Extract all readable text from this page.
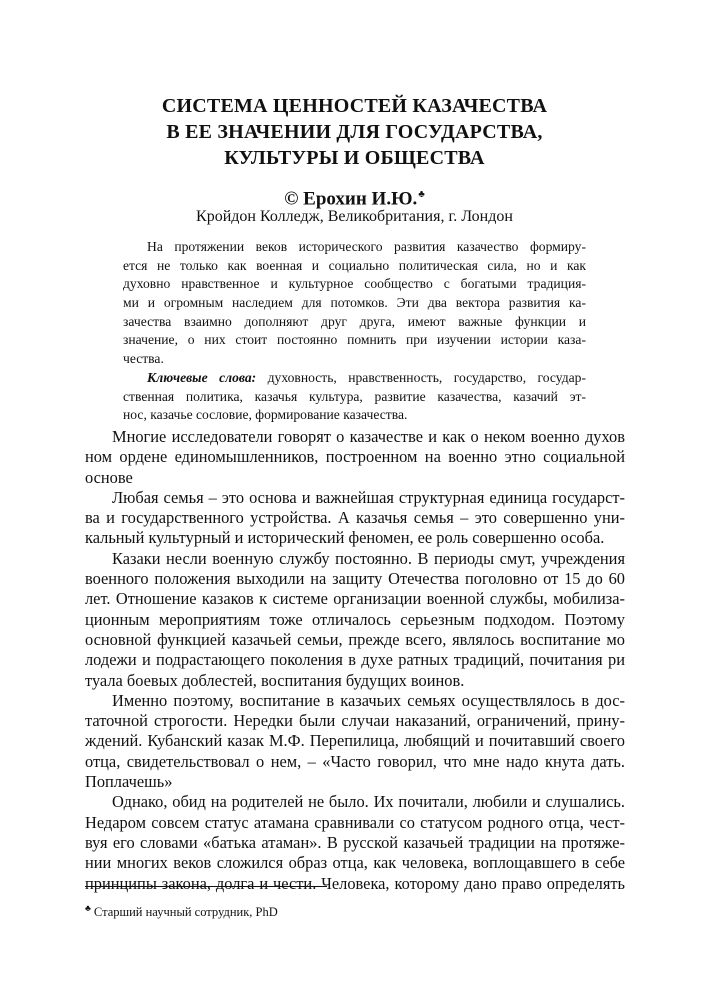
СИСТЕМА ЦЕННОСТЕЙ КАЗАЧЕСТВА
В ЕЕ ЗНАЧЕНИИ ДЛЯ ГОСУДАРСТВА,
КУЛЬТУРЫ И ОБЩЕСТВА
© Ерохин И.Ю.♣
Кройдон Колледж, Великобритания, г. Лондон
На протяжении веков исторического развития казачество формиру-
ется не только как военная и социально политическая сила, но и как
духовно нравственное и культурное сообщество с богатыми традиция-
ми и огромным наследием для потомков. Эти два вектора развития ка-
зачества взаимно дополняют друг друга, имеют важные функции и
значение, о них стоит постоянно помнить при изучении истории каза-
чества.
Ключевые слова: духовность, нравственность, государство, государ-
ственная политика, казачья культура, развитие казачества, казачий эт-
нос, казачье сословие, формирование казачества.
Многие исследователи говорят о казачестве и как о неком военно духов
ном ордене единомышленников, построенном на военно этно социальной
основе
Любая семья – это основа и важнейшая структурная единица государст-
ва и государственного устройства. А казачья семья – это совершенно уни-
кальный культурный и исторический феномен, ее роль совершенно особа.
Казаки несли военную службу постоянно. В периоды смут, учреждения
военного положения выходили на защиту Отечества поголовно от 15 до 60
лет. Отношение казаков к системе организации военной службы, мобилиза-
ционным мероприятиям тоже отличалось серьезным подходом. Поэтому
основной функцией казачьей семьи, прежде всего, являлось воспитание мо
лодежи и подрастающего поколения в духе ратных традиций, почитания ри
туала боевых доблестей, воспитания будущих воинов.
Именно поэтому, воспитание в казачьих семьях осуществлялось в дос-
таточной строгости. Нередки были случаи наказаний, ограничений, прину-
ждений. Кубанский казак М.Ф. Перепилица, любящий и почитавший своего
отца, свидетельствовал о нем, – «Часто говорил, что мне надо кнута дать.
Поплачешь»
Однако, обид на родителей не было. Их почитали, любили и слушались.
Недаром совсем статус атамана сравнивали со статусом родного отца, чест-
вуя его словами «батька атаман». В русской казачьей традиции на протяже-
нии многих веков сложился образ отца, как человека, воплощавшего в себе
принципы закона, долга и чести. Человека, которому дано право определять
♣ Старший научный сотрудник, PhD
